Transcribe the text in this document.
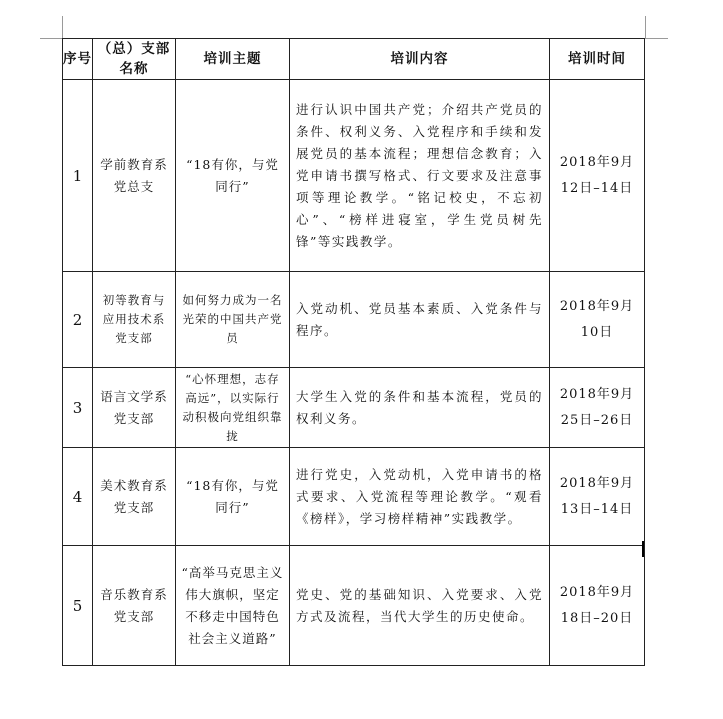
序号	（总）支部名称	培训主题	培训内容	培训时间
1	学前教育系党总支	“18有你，与党同行”	进行认识中国共产党；介绍共产党员的条件、权利义务、入党程序和手续和发展党员的基本流程；理想信念教育；入党申请书撰写格式、行文要求及注意事项等理论教学。“铭记校史，不忘初心”、“榜样进寝室，学生党员树先锋”等实践教学。	2018年9月
12日–14日

2	初等教育与应用技术系党支部	如何努力成为一名光荣的中国共产党员	入党动机、党员基本素质、入党条件与程序。	2018年9月
10日

3	语言文学系党支部	“心怀理想，志存高远”，以实际行动积极向党组织靠拢	大学生入党的条件和基本流程，党员的权利义务。	2018年9月
25日–26日

4	美术教育系党支部	“18有你，与党同行”	进行党史，入党动机，入党申请书的格式要求、入党流程等理论教学。“观看《榜样》，学习榜样精神”实践教学。	2018年9月
13日–14日

5	音乐教育系党支部	“高举马克思主义伟大旗帜，坚定不移走中国特色社会主义道路”	党史、党的基础知识、入党要求、入党方式及流程，当代大学生的历史使命。	2018年9月
18日–20日
